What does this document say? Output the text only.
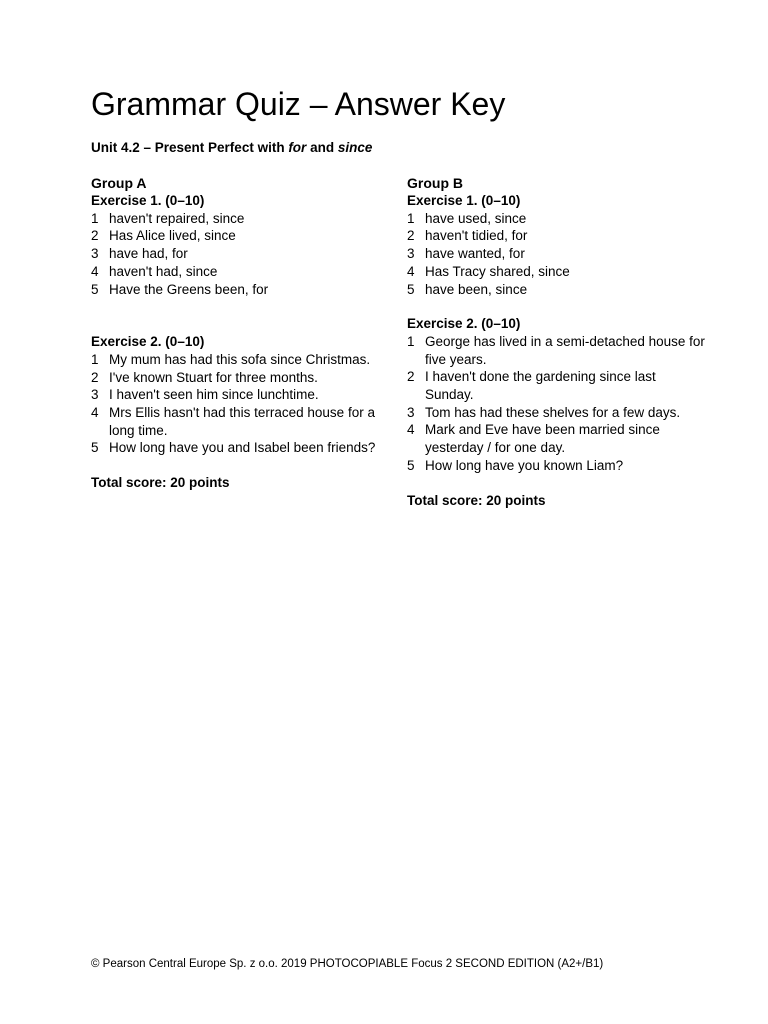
Grammar Quiz – Answer Key
Unit 4.2 – Present Perfect with for and since
Group A
Exercise 1. (0–10)
1 haven't repaired, since
2 Has Alice lived, since
3 have had, for
4 haven't had, since
5 Have the Greens been, for
Exercise 2. (0–10)
1 My mum has had this sofa since Christmas.
2 I've known Stuart for three months.
3 I haven't seen him since lunchtime.
4 Mrs Ellis hasn't had this terraced house for a long time.
5 How long have you and Isabel been friends?
Total score: 20 points
Group B
Exercise 1. (0–10)
1 have used, since
2 haven't tidied, for
3 have wanted, for
4 Has Tracy shared, since
5 have been, since
Exercise 2. (0–10)
1 George has lived in a semi-detached house for five years.
2 I haven't done the gardening since last Sunday.
3 Tom has had these shelves for a few days.
4 Mark and Eve have been married since yesterday / for one day.
5 How long have you known Liam?
Total score: 20 points
© Pearson Central Europe Sp. z o.o. 2019 PHOTOCOPIABLE Focus 2 SECOND EDITION (A2+/B1)
